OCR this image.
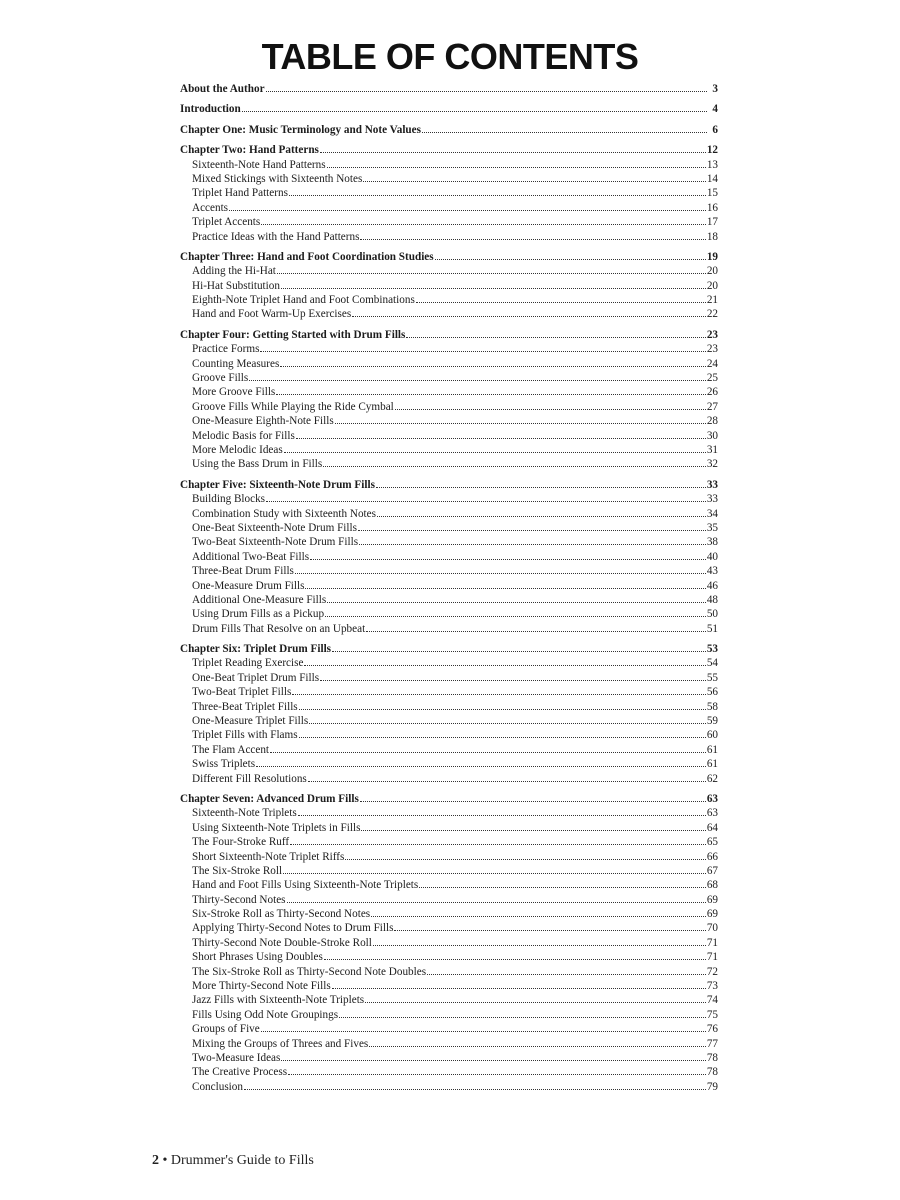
TABLE OF CONTENTS
About the Author	3
Introduction	4
Chapter One: Music Terminology and Note Values	6
Chapter Two: Hand Patterns	12
Sixteenth-Note Hand Patterns	13
Mixed Stickings with Sixteenth Notes	14
Triplet Hand Patterns	15
Accents	16
Triplet Accents	17
Practice Ideas with the Hand Patterns	18
Chapter Three: Hand and Foot Coordination Studies	19
Adding the Hi-Hat	20
Hi-Hat Substitution	20
Eighth-Note Triplet Hand and Foot Combinations	21
Hand and Foot Warm-Up Exercises	22
Chapter Four: Getting Started with Drum Fills	23
Practice Forms	23
Counting Measures	24
Groove Fills	25
More Groove Fills	26
Groove Fills While Playing the Ride Cymbal	27
One-Measure Eighth-Note Fills	28
Melodic Basis for Fills	30
More Melodic Ideas	31
Using the Bass Drum in Fills	32
Chapter Five: Sixteenth-Note Drum Fills	33
Building Blocks	33
Combination Study with Sixteenth Notes	34
One-Beat Sixteenth-Note Drum Fills	35
Two-Beat Sixteenth-Note Drum Fills	38
Additional Two-Beat Fills	40
Three-Beat Drum Fills	43
One-Measure Drum Fills	46
Additional One-Measure Fills	48
Using Drum Fills as a Pickup	50
Drum Fills That Resolve on an Upbeat	51
Chapter Six: Triplet Drum Fills	53
Triplet Reading Exercise	54
One-Beat Triplet Drum Fills	55
Two-Beat Triplet Fills	56
Three-Beat Triplet Fills	58
One-Measure Triplet Fills	59
Triplet Fills with Flams	60
The Flam Accent	61
Swiss Triplets	61
Different Fill Resolutions	62
Chapter Seven: Advanced Drum Fills	63
Sixteenth-Note Triplets	63
Using Sixteenth-Note Triplets in Fills	64
The Four-Stroke Ruff	65
Short Sixteenth-Note Triplet Riffs	66
The Six-Stroke Roll	67
Hand and Foot Fills Using Sixteenth-Note Triplets	68
Thirty-Second Notes	69
Six-Stroke Roll as Thirty-Second Notes	69
Applying Thirty-Second Notes to Drum Fills	70
Thirty-Second Note Double-Stroke Roll	71
Short Phrases Using Doubles	71
The Six-Stroke Roll as Thirty-Second Note Doubles	72
More Thirty-Second Note Fills	73
Jazz Fills with Sixteenth-Note Triplets	74
Fills Using Odd Note Groupings	75
Groups of Five	76
Mixing the Groups of Threes and Fives	77
Two-Measure Ideas	78
The Creative Process	78
Conclusion	79
2 • Drummer's Guide to Fills
